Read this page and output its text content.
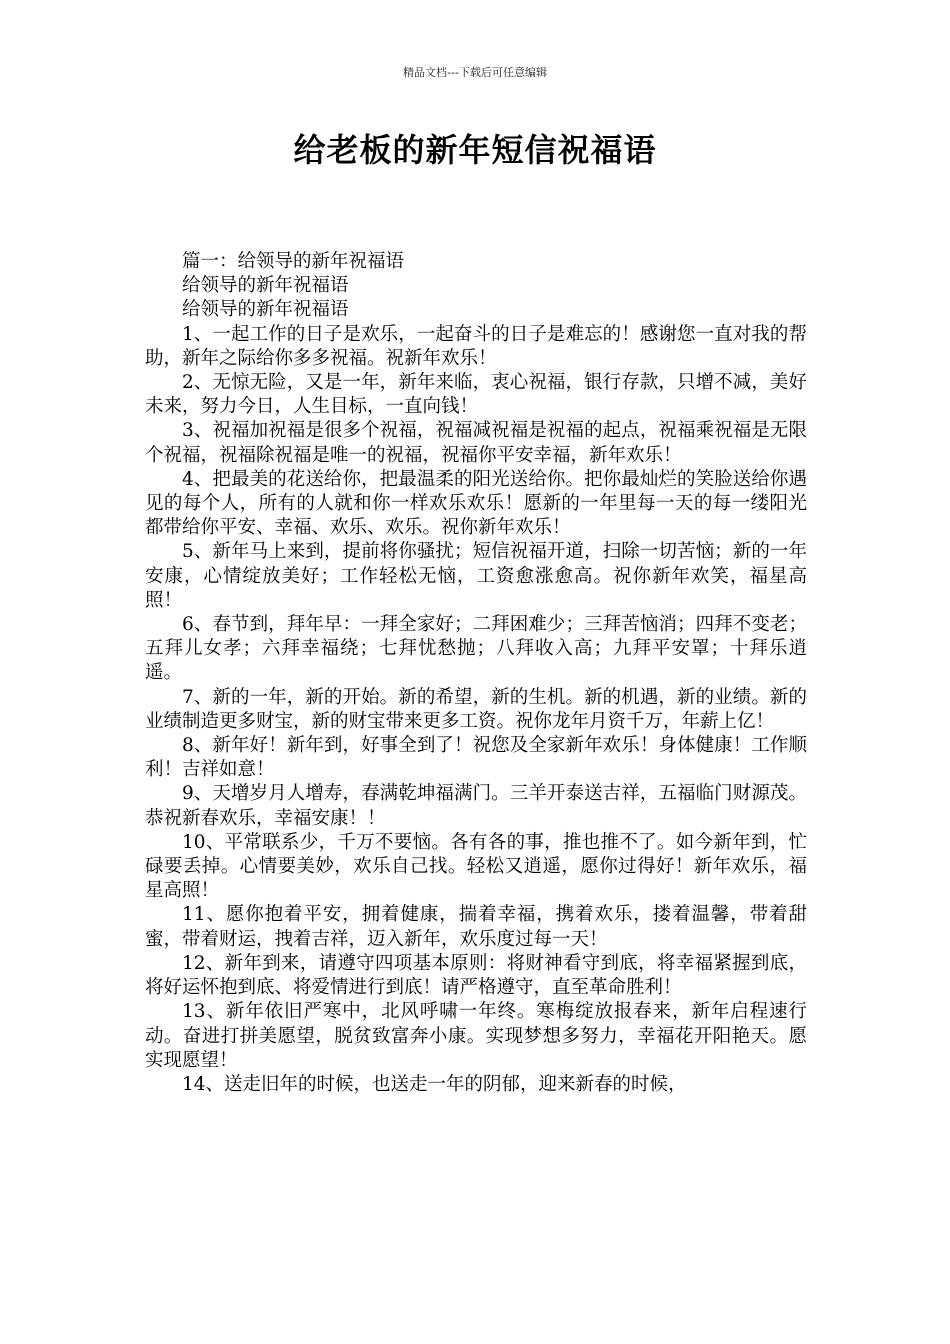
精品文档---下载后可任意编辑
给老板的新年短信祝福语

篇一：给领导的新年祝福语

给领导的新年祝福语

给领导的新年祝福语

1、一起工作的日子是欢乐，一起奋斗的日子是难忘的！感谢您一直对我的帮助，新年之际给你多多祝福。祝新年欢乐！

2、无惊无险，又是一年，新年来临，衷心祝福，银行存款，只增不减，美好未来，努力今日，人生目标，一直向钱！

3、祝福加祝福是很多个祝福，祝福减祝福是祝福的起点，祝福乘祝福是无限个祝福，祝福除祝福是唯一的祝福，祝福你平安幸福，新年欢乐！

4、把最美的花送给你，把最温柔的阳光送给你。把你最灿烂的笑脸送给你遇见的每个人，所有的人就和你一样欢乐欢乐！愿新的一年里每一天的每一缕阳光都带给你平安、幸福、欢乐、欢乐。祝你新年欢乐！

5、新年马上来到，提前将你骚扰；短信祝福开道，扫除一切苦恼；新的一年安康，心情绽放美好；工作轻松无恼，工资愈涨愈高。祝你新年欢笑，福星高照！

6、春节到，拜年早：一拜全家好；二拜困难少；三拜苦恼消；四拜不变老；五拜儿女孝；六拜幸福绕；七拜忧愁抛；八拜收入高；九拜平安罩；十拜乐逍遥。

7、新的一年，新的开始。新的希望，新的生机。新的机遇，新的业绩。新的业绩制造更多财宝，新的财宝带来更多工资。祝你龙年月资千万，年薪上亿！

8、新年好！新年到，好事全到了！祝您及全家新年欢乐！身体健康！工作顺利！吉祥如意！

9、天增岁月人增寿，春满乾坤福满门。三羊开泰送吉祥，五福临门财源茂。恭祝新春欢乐，幸福安康！！

10、平常联系少，千万不要恼。各有各的事，推也推不了。如今新年到，忙碌要丢掉。心情要美妙，欢乐自己找。轻松又逍遥，愿你过得好！新年欢乐，福星高照！

11、愿你抱着平安，拥着健康，揣着幸福，携着欢乐，搂着温馨，带着甜蜜，带着财运，拽着吉祥，迈入新年，欢乐度过每一天！

12、新年到来，请遵守四项基本原则：将财神看守到底，将幸福紧握到底，将好运怀抱到底、将爱情进行到底！请严格遵守，直至革命胜利！

13、新年依旧严寒中，北风呼啸一年终。寒梅绽放报春来，新年启程速行动。奋进打拼美愿望，脱贫致富奔小康。实现梦想多努力，幸福花开阳艳天。愿实现愿望！

14、送走旧年的时候，也送走一年的阴郁，迎来新春的时候，
